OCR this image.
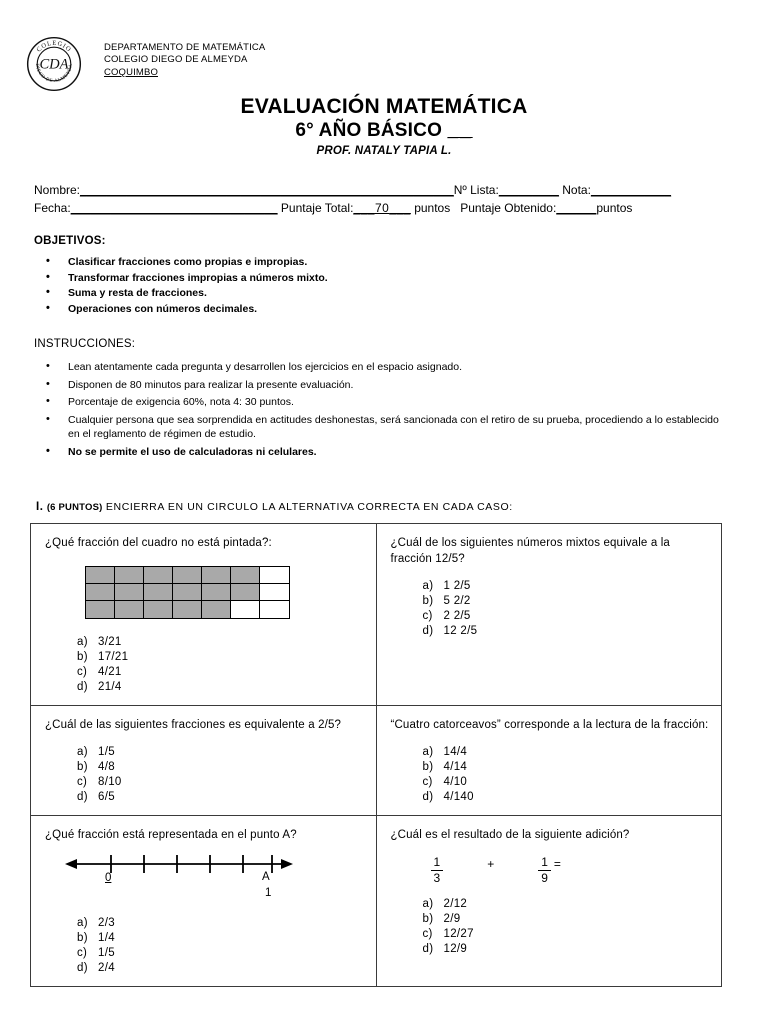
COLEGIO
DIEGO DE ALMEYDA
CDA
DEPARTAMENTO DE MATEMÁTICA
COLEGIO DIEGO DE ALMEYDA
COQUIMBO
EVALUACIÓN MATEMÁTICA
6° AÑO BÁSICO __
PROF. NATALY TAPIA L.
Nombre:________________________________________________________Nº Lista:_________ Nota:____________
Fecha:_______________________________ Puntaje Total:___70___ puntos Puntaje Obtenido:______puntos
OBJETIVOS:
• Clasificar fracciones como propias e impropias.
• Transformar fracciones impropias a números mixto.
• Suma y resta de fracciones.
• Operaciones con números decimales.
INSTRUCCIONES:
• Lean atentamente cada pregunta y desarrollen los ejercicios en el espacio asignado.
• Disponen de 80 minutos para realizar la presente evaluación.
• Porcentaje de exigencia 60%, nota 4: 30 puntos.
• Cualquier persona que sea sorprendida en actitudes deshonestas, será sancionada con el retiro de su prueba, procediendo a lo establecido en el reglamento de régimen de estudio.
• No se permite el uso de calculadoras ni celulares.
I. (6 PUNTOS) ENCIERRA EN UN CIRCULO LA ALTERNATIVA CORRECTA EN CADA CASO:
¿Qué fracción del cuadro no está pintada?:
a) 3/21
b) 17/21
c) 4/21
d) 21/4

¿Cuál de los siguientes números mixtos equivale a la fracción 12/5?
a) 1 2/5
b) 5 2/2
c) 2 2/5
d) 12 2/5

¿Cuál de las siguientes fracciones es equivalente a 2/5?
a) 1/5
b) 4/8
c) 8/10
d) 6/5

“Cuatro catorceavos” corresponde a la lectura de la fracción:
a) 14/4
b) 4/14
c) 4/10
d) 4/140

¿Qué fracción está representada en el punto A?
0	A
1
a) 2/3
b) 1/4
c) 1/5
d) 2/4

¿Cuál es el resultado de la siguiente adición?
$\frac{1}{3}$	+	$\frac{1}{9}$ =
a) 2/12
b) 2/9
c) 12/27
d) 12/9
